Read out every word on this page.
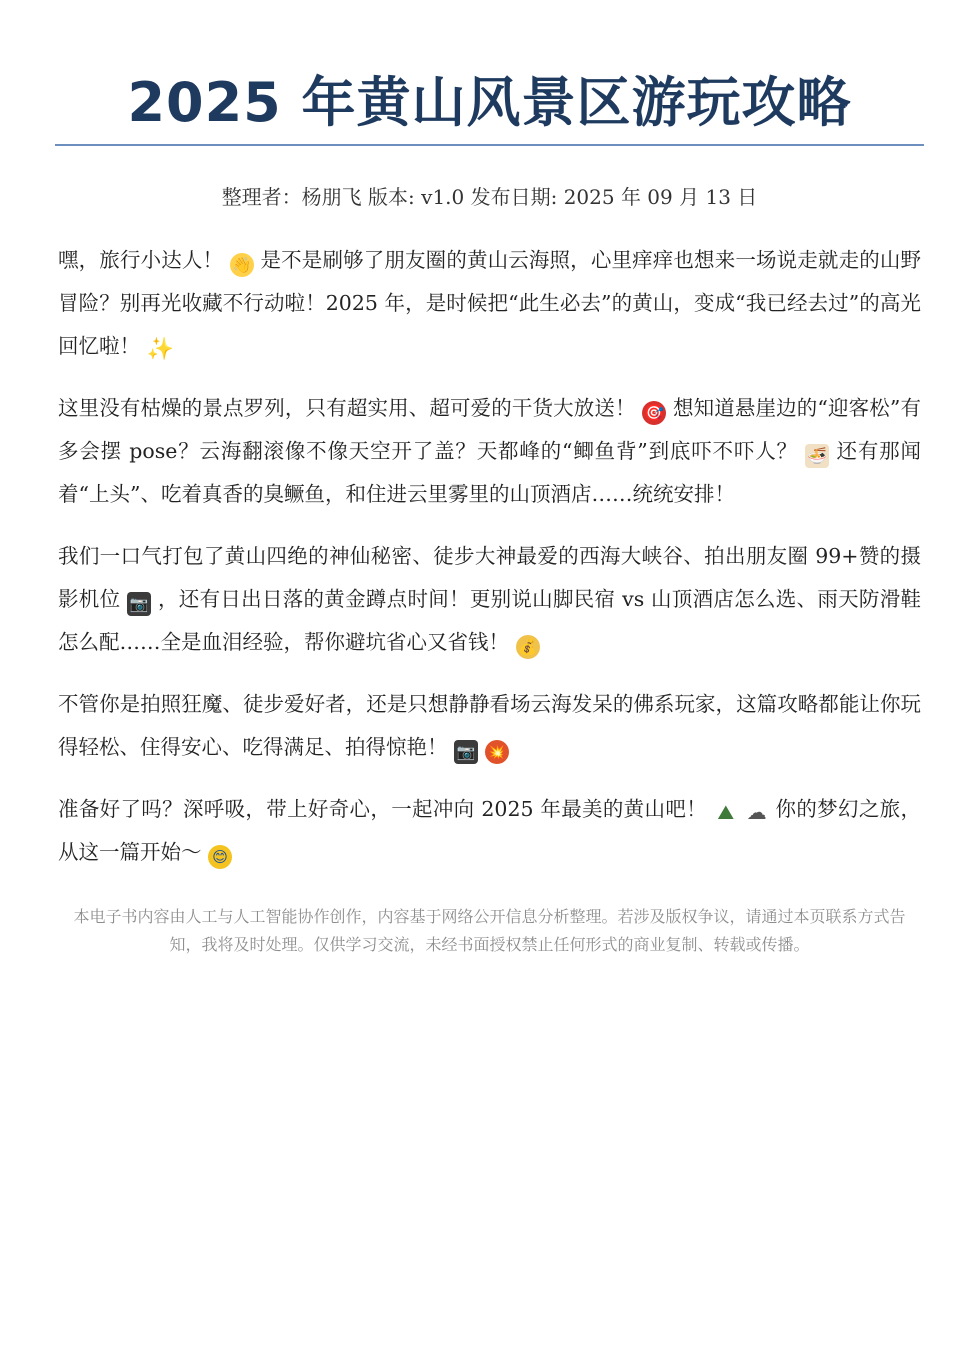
2025 年黄山风景区游玩攻略
整理者：杨朋飞 版本: v1.0 发布日期: 2025 年 09 月 13 日

嘿，旅行小达人！ 👋 是不是刷够了朋友圈的黄山云海照，心里痒痒也想来一场说走就走的山野冒险？别再光收藏不行动啦！2025 年，是时候把“此生必去”的黄山，变成“我已经去过”的高光回忆啦！ ✨

这里没有枯燥的景点罗列，只有超实用、超可爱的干货大放送！ 🎯 想知道悬崖边的“迎客松”有多会摆 pose？云海翻滚像不像天空开了盖？天都峰的“鲫鱼背”到底吓不吓人？ 🍜 还有那闻着“上头”、吃着真香的臭鳜鱼，和住进云里雾里的山顶酒店……统统安排！

我们一口气打包了黄山四绝的神仙秘密、徒步大神最爱的西海大峡谷、拍出朋友圈 99+赞的摄影机位 📷 ，还有日出日落的黄金蹲点时间！更别说山脚民宿 vs 山顶酒店怎么选、雨天防滑鞋怎么配……全是血泪经验，帮你避坑省心又省钱！ 💰

不管你是拍照狂魔、徒步爱好者，还是只想静静看场云海发呆的佛系玩家，这篇攻略都能让你玩得轻松、住得安心、吃得满足、拍得惊艳！ 📷 💥

准备好了吗？深呼吸，带上好奇心，一起冲向 2025 年最美的黄山吧！ ⛰ ☁ 你的梦幻之旅，从这一篇开始～ 😊

本电子书内容由人工与人工智能协作创作，内容基于网络公开信息分析整理。若涉及版权争议，请通过本页联系方式告知，我将及时处理。仅供学习交流，未经书面授权禁止任何形式的商业复制、转载或传播。
